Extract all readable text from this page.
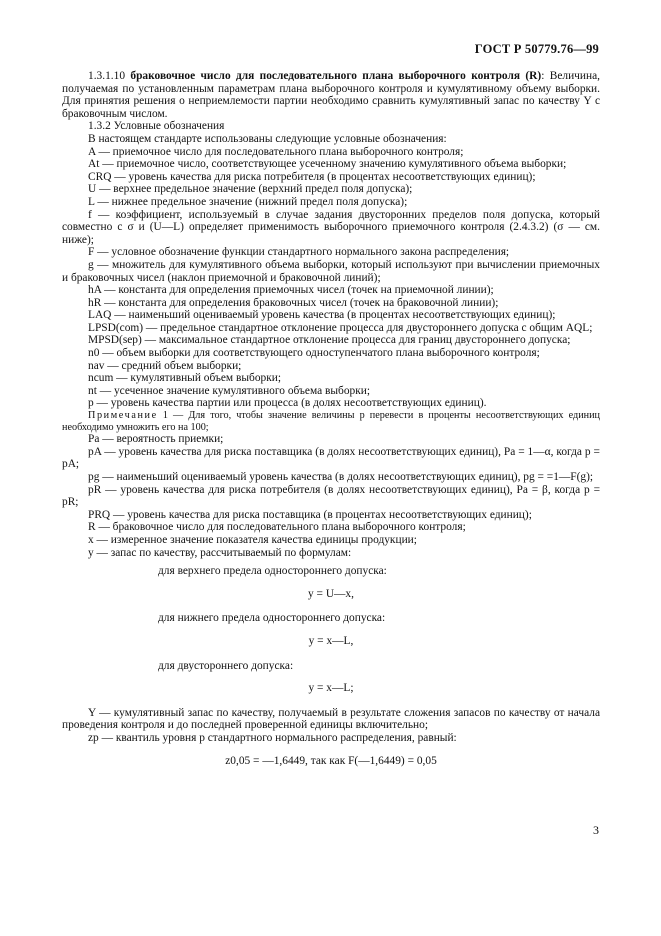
ГОСТ Р 50779.76—99

1.3.1.10 браковочное число для последовательного плана выборочного контроля (R): Величина, получаемая по установленным параметрам плана выборочного контроля и кумулятивному объему выборки. Для принятия решения о неприемлемости партии необходимо сравнить кумулятивный запас по качеству Y с браковочным числом.

1.3.2 Условные обозначения

В настоящем стандарте использованы следующие условные обозначения:

A — приемочное число для последовательного плана выборочного контроля;

At — приемочное число, соответствующее усеченному значению кумулятивного объема выборки;

CRQ — уровень качества для риска потребителя (в процентах несоответствующих единиц);

U — верхнее предельное значение (верхний предел поля допуска);

L — нижнее предельное значение (нижний предел поля допуска);

f — коэффициент, используемый в случае задания двусторонних пределов поля допуска, который совместно с σ и (U—L) определяет применимость выборочного приемочного контроля (2.4.3.2) (σ — см. ниже);

F — условное обозначение функции стандартного нормального закона распределения;

g — множитель для кумулятивного объема выборки, который используют при вычислении приемочных и браковочных чисел (наклон приемочной и браковочной линий);

hA — константа для определения приемочных чисел (точек на приемочной линии);

hR — константа для определения браковочных чисел (точек на браковочной линии);

LAQ — наименьший оцениваемый уровень качества (в процентах несоответствующих единиц);

LPSD(com) — предельное стандартное отклонение процесса для двустороннего допуска с общим AQL;

MPSD(sep) — максимальное стандартное отклонение процесса для границ двустороннего допуска;

n0 — объем выборки для соответствующего одноступенчатого плана выборочного контроля;

nav — средний объем выборки;

ncum — кумулятивный объем выборки;

nt — усеченное значение кумулятивного объема выборки;

p — уровень качества партии или процесса (в долях несоответствующих единиц).

Примечание 1 — Для того, чтобы значение величины p перевести в проценты несоответствующих единиц необходимо умножить его на 100;

Pa — вероятность приемки;

pA — уровень качества для риска поставщика (в долях несоответствующих единиц), Pa = 1—α, когда p = pA;

pg — наименьший оцениваемый уровень качества (в долях несоответствующих единиц), pg = =1—F(g);

pR — уровень качества для риска потребителя (в долях несоответствующих единиц), Pa = β, когда p = pR;

PRQ — уровень качества для риска поставщика (в процентах несоответствующих единиц);

R — браковочное число для последовательного плана выборочного контроля;

x — измеренное значение показателя качества единицы продукции;

y — запас по качеству, рассчитываемый по формулам:

для верхнего предела одностороннего допуска:

y = U—x,

для нижнего предела одностороннего допуска:

y = x—L,

для двустороннего допуска:

y = x—L;

Y — кумулятивный запас по качеству, получаемый в результате сложения запасов по качеству от начала проведения контроля и до последней проверенной единицы включительно;

zp — квантиль уровня p стандартного нормального распределения, равный:

z0,05 = —1,6449, так как F(—1,6449) = 0,05

3
